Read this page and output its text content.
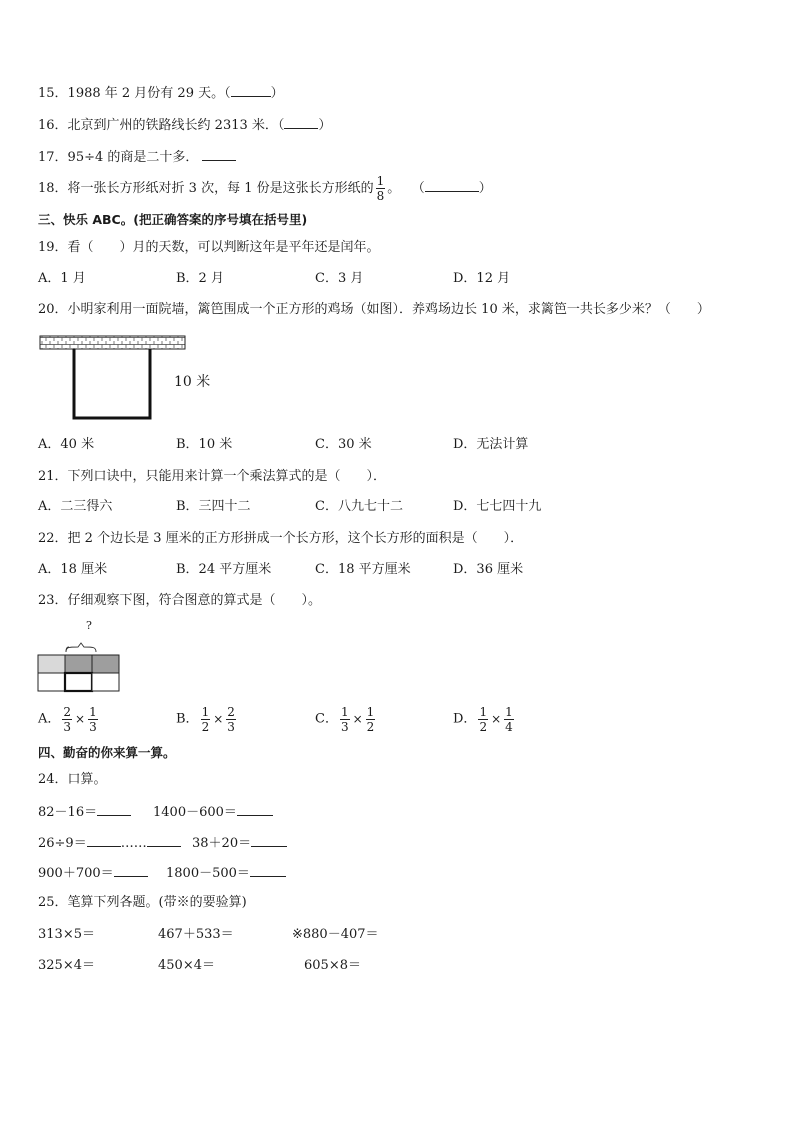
15．1988 年 2 月份有 29 天。（	）
16．北京到广州的铁路线长约 2313 米．（	）
17．95÷4 的商是二十多．
18．将一张长方形纸对折 3 次，每 1 份是这张长方形纸的 $\frac{1}{8}$ 。 （	）
三、快乐 ABC。(把正确答案的序号填在括号里)
19．看（　　）月的天数，可以判断这年是平年还是闰年。
A．1 月	B．2 月	C．3 月	D．12 月
20．小明家利用一面院墙，篱笆围成一个正方形的鸡场（如图）．养鸡场边长 10 米，求篱笆一共长多少米？（　　）
10 米
A．40 米	B．10 米	C．30 米	D．无法计算
21．下列口诀中，只能用来计算一个乘法算式的是（　　）．
A．二三得六	B．三四十二	C．八九七十二	D．七七四十九
22．把 2 个边长是 3 厘米的正方形拼成一个长方形，这个长方形的面积是（　　）．
A．18 厘米	B．24 平方厘米	C．18 平方厘米	D．36 厘米
23．仔细观察下图，符合图意的算式是（　　）。
?
A． $\frac{2}{3} \times \frac{1}{3}$	B． $\frac{1}{2} \times \frac{2}{3}$	C． $\frac{1}{3} \times \frac{1}{2}$	D． $\frac{1}{2} \times \frac{1}{4}$
四、勤奋的你来算一算。
24．口算。
82－16＝	1400－600＝
26÷9＝	……	38＋20＝
900＋700＝	1800－500＝
25．笔算下列各题。(带※的要验算)
313×5＝	467＋533＝	※880－407＝
325×4＝	450×4＝	605×8＝
